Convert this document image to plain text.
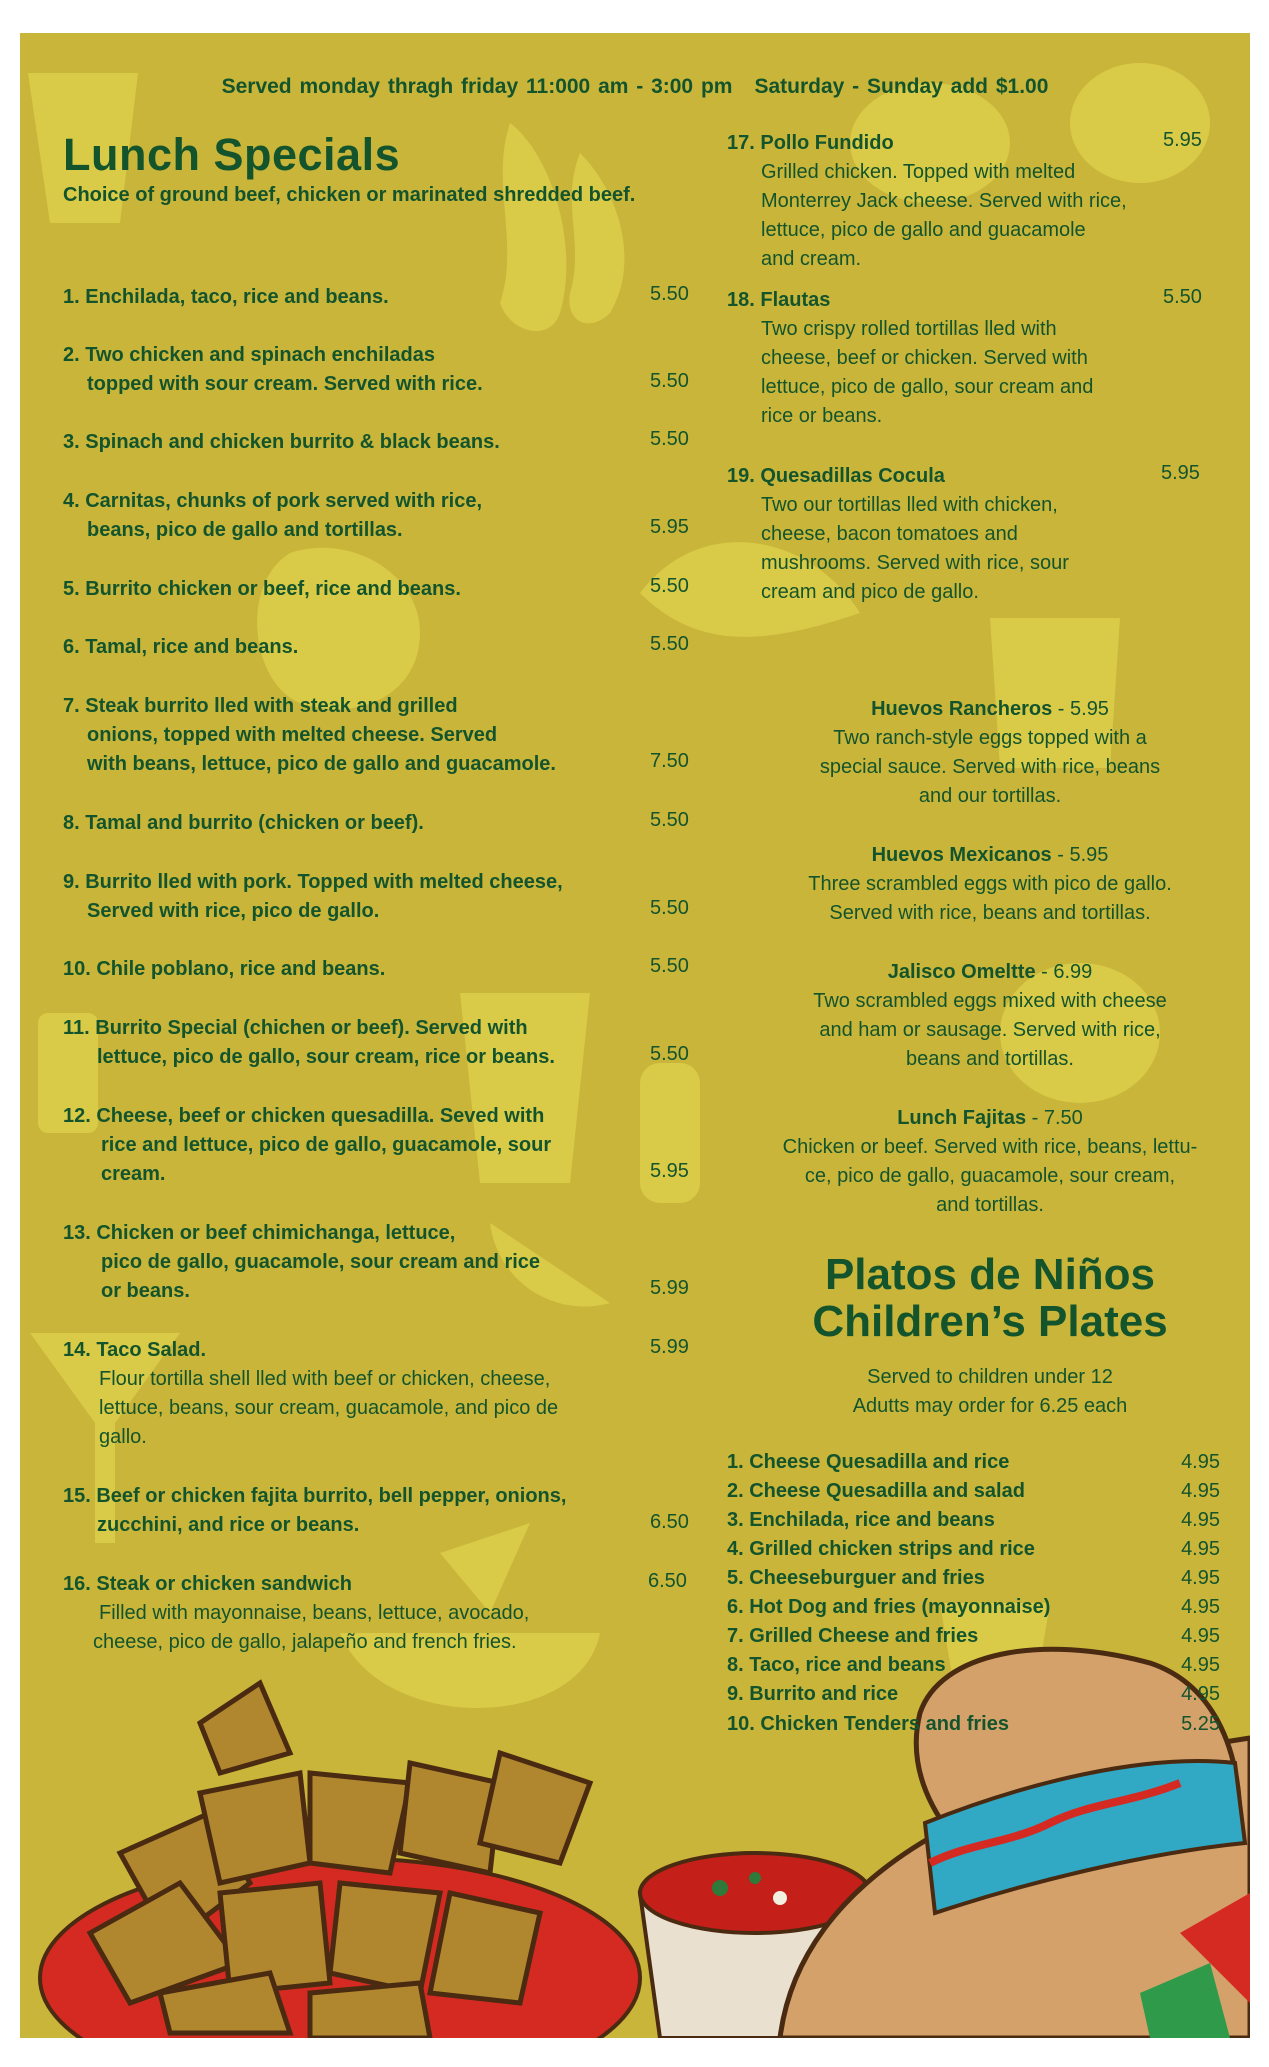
Served monday thragh friday 11:000 am - 3:00 pm Saturday - Sunday add $1.00
Lunch Specials
Choice of ground beef, chicken or marinated shredded beef.
1. Enchilada, taco, rice and beans.	5.50
2. Two chicken and spinach enchiladas
topped with sour cream. Served with rice.	5.50
3. Spinach and chicken burrito & black beans.	5.50
4. Carnitas, chunks of pork served with rice,
beans, pico de gallo and tortillas.	5.95
5. Burrito chicken or beef, rice and beans.	5.50
6. Tamal, rice and beans.	5.50
7. Steak burrito lled with steak and grilled
onions, topped with melted cheese. Served
with beans, lettuce, pico de gallo and guacamole.	7.50
8. Tamal and burrito (chicken or beef).	5.50
9. Burrito lled with pork. Topped with melted cheese,
Served with rice, pico de gallo.	5.50
10. Chile poblano, rice and beans.	5.50
11. Burrito Special (chichen or beef). Served with
lettuce, pico de gallo, sour cream, rice or beans.	5.50
12. Cheese, beef or chicken quesadilla. Seved with
rice and lettuce, pico de gallo, guacamole, sour
cream.	5.95
13. Chicken or beef chimichanga, lettuce,
pico de gallo, guacamole, sour cream and rice
or beans.	5.99
14. Taco Salad.
Flour tortilla shell lled with beef or chicken, cheese,
lettuce, beans, sour cream, guacamole, and pico de
gallo.
5.99
15. Beef or chicken fajita burrito, bell pepper, onions,
zucchini, and rice or beans.	6.50
16. Steak or chicken sandwich
Filled with mayonnaise, beans, lettuce, avocado,
cheese, pico de gallo, jalapeño and french fries.
6.50
17. Pollo Fundido
Grilled chicken. Topped with melted
Monterrey Jack cheese. Served with rice,
lettuce, pico de gallo and guacamole
and cream.
5.95
18. Flautas
Two crispy rolled tortillas lled with
cheese, beef or chicken. Served with
lettuce, pico de gallo, sour cream and
rice or beans.
5.50
19. Quesadillas Cocula
Two our tortillas lled with chicken,
cheese, bacon tomatoes and
mushrooms. Served with rice, sour
cream and pico de gallo.
5.95
Huevos Rancheros - 5.95
Two ranch-style eggs topped with a
special sauce. Served with rice, beans
and our tortillas.
Huevos Mexicanos - 5.95
Three scrambled eggs with pico de gallo.
Served with rice, beans and tortillas.
Jalisco Omeltte - 6.99
Two scrambled eggs mixed with cheese
and ham or sausage. Served with rice,
beans and tortillas.
Lunch Fajitas - 7.50
Chicken or beef. Served with rice, beans, lettu-
ce, pico de gallo, guacamole, sour cream,
and tortillas.
Platos de Niños
Children’s Plates
Served to children under 12
Adutts may order for 6.25 each
1. Cheese Quesadilla and rice	4.95
2. Cheese Quesadilla and salad	4.95
3. Enchilada, rice and beans	4.95
4. Grilled chicken strips and rice	4.95
5. Cheeseburguer and fries	4.95
6. Hot Dog and fries (mayonnaise)	4.95
7. Grilled Cheese and fries	4.95
8. Taco, rice and beans	4.95
9. Burrito and rice	4.95
10. Chicken Tenders and fries	5.25
